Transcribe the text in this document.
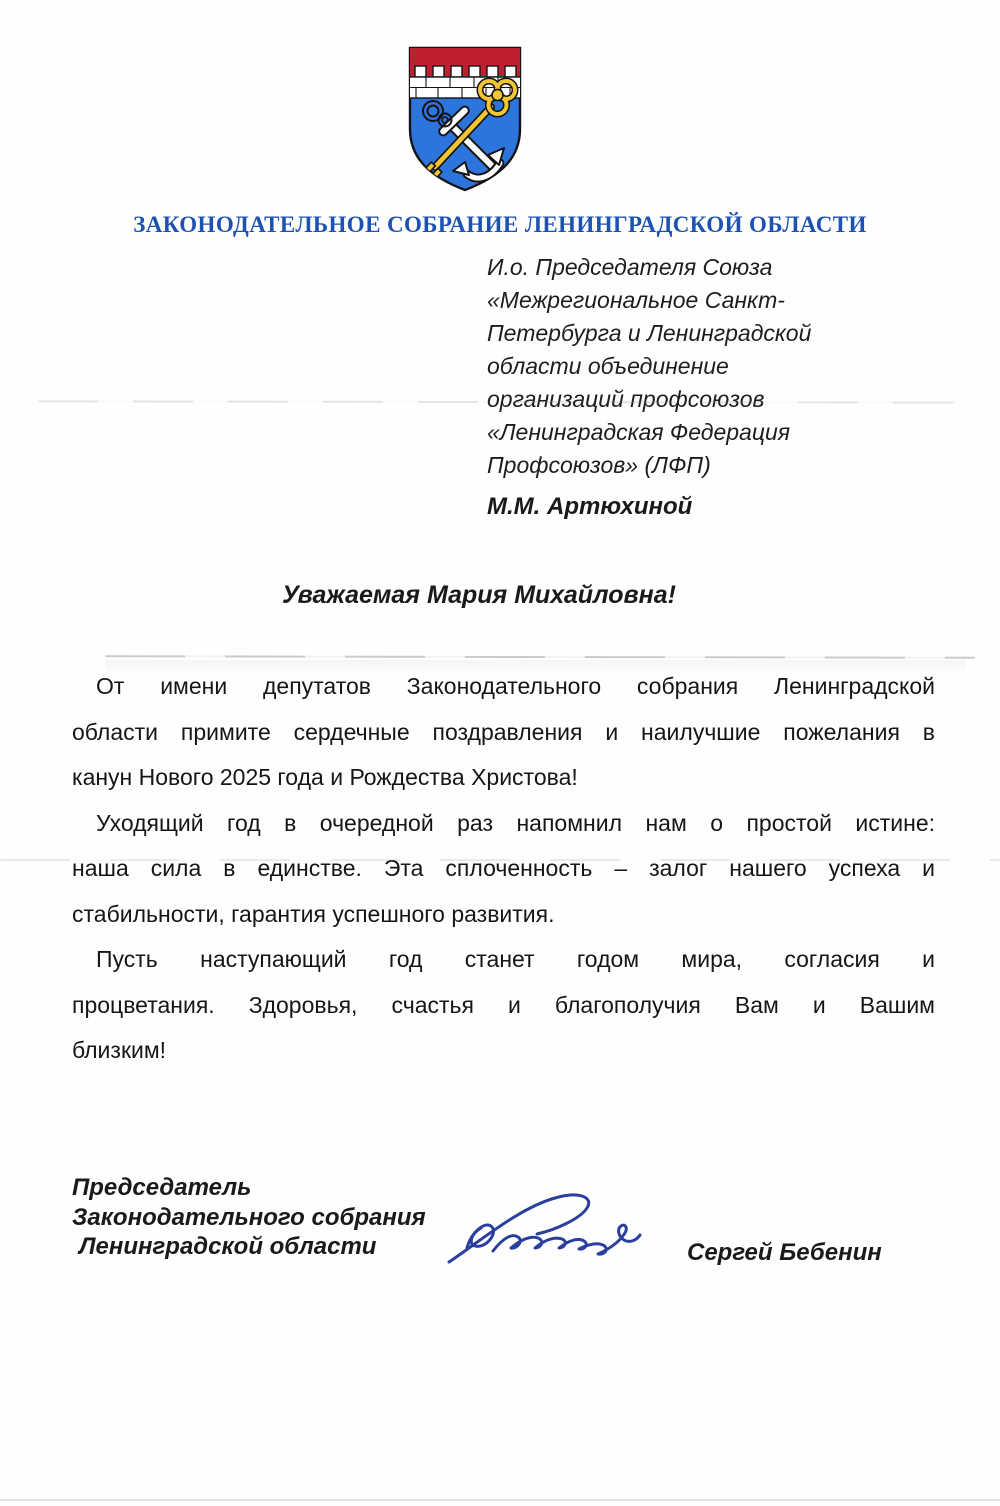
ЗАКОНОДАТЕЛЬНОЕ СОБРАНИЕ ЛЕНИНГРАДСКОЙ ОБЛАСТИ
И.о. Председателя Союза
«Межрегиональное Санкт-
Петербурга и Ленинградской
области объединение
организаций профсоюзов
«Ленинградская Федерация
Профсоюзов» (ЛФП)
М.М. Артюхиной
Уважаемая Мария Михайловна!
От имени депутатов Законодательного собрания Ленинградской
области примите сердечные поздравления и наилучшие пожелания в
канун Нового 2025 года и Рождества Христова!
Уходящий год в очередной раз напомнил нам о простой истине:
наша сила в единстве. Эта сплоченность – залог нашего успеха и
стабильности, гарантия успешного развития.
Пусть наступающий год станет годом мира, согласия и
процветания. Здоровья, счастья и благополучия Вам и Вашим
близким!
Председатель
Законодательного собрания
Ленинградской области	Сергей Бебенин
